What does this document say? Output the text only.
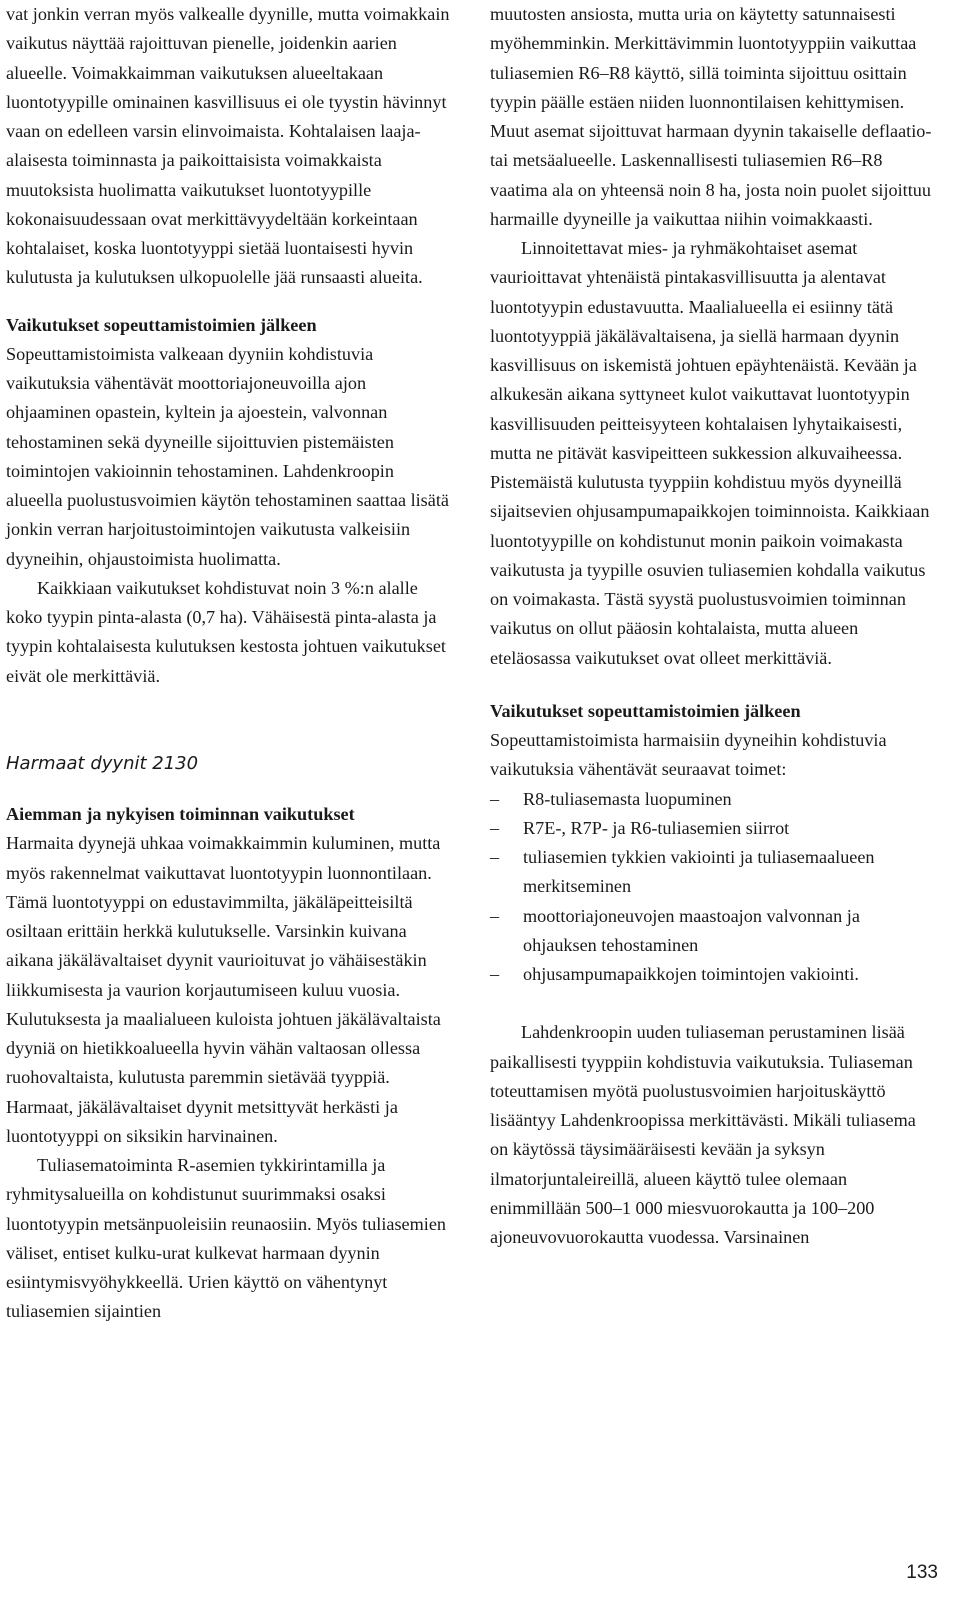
vat jonkin verran myös valkealle dyynille, mutta voimakkain vaikutus näyttää rajoittuvan pienelle, joidenkin aarien alueelle. Voimakkaimman vaikutuksen alueeltakaan luontotyypille ominainen kasvillisuus ei ole tyystin hävinnyt vaan on edelleen varsin elinvoimaista. Kohtalaisen laaja-alaisesta toiminnasta ja paikoittaisista voimakkaista muutoksista huolimatta vaikutukset luontotyypille kokonaisuudessaan ovat merkittävyydeltään korkeintaan kohtalaiset, koska luontotyyppi sietää luontaisesti hyvin kulutusta ja kulutuksen ulkopuolelle jää runsaasti alueita.

Vaikutukset sopeuttamistoimien jälkeen

Sopeuttamistoimista valkeaan dyyniin kohdistuvia vaikutuksia vähentävät moottoriajoneuvoilla ajon ohjaaminen opastein, kyltein ja ajoestein, valvonnan tehostaminen sekä dyyneille sijoittuvien pistemäisten toimintojen vakioinnin tehostaminen. Lahdenkroopin alueella puolustusvoimien käytön tehostaminen saattaa lisätä jonkin verran harjoitustoimintojen vaikutusta valkeisiin dyyneihin, ohjaustoimista huolimatta.

Kaikkiaan vaikutukset kohdistuvat noin 3 %:n alalle koko tyypin pinta-alasta (0,7 ha). Vähäisestä pinta-alasta ja tyypin kohtalaisesta kulutuksen kestosta johtuen vaikutukset eivät ole merkittäviä.

Harmaat dyynit 2130

Aiemman ja nykyisen toiminnan vaikutukset

Harmaita dyynejä uhkaa voimakkaimmin kuluminen, mutta myös rakennelmat vaikuttavat luontotyypin luonnontilaan. Tämä luontotyyppi on edustavimmilta, jäkäläpeitteisiltä osiltaan erittäin herkkä kulutukselle. Varsinkin kuivana aikana jäkälävaltaiset dyynit vaurioituvat jo vähäisestäkin liikkumisesta ja vaurion korjautumiseen kuluu vuosia. Kulutuksesta ja maalialueen kuloista johtuen jäkälävaltaista dyyniä on hietikkoalueella hyvin vähän valtaosan ollessa ruohovaltaista, kulutusta paremmin sietävää tyyppiä. Harmaat, jäkälävaltaiset dyynit metsittyvät herkästi ja luontotyyppi on siksikin harvinainen.

Tuliasematoiminta R-asemien tykkirintamilla ja ryhmitysalueilla on kohdistunut suurimmaksi osaksi luontotyypin metsänpuoleisiin reunaosiin. Myös tuliasemien väliset, entiset kulku-urat kulkevat harmaan dyynin esiintymisvyöhykkeellä. Urien käyttö on vähentynyt tuliasemien sijaintien

muutosten ansiosta, mutta uria on käytetty satunnaisesti myöhemminkin. Merkittävimmin luontotyyppiin vaikuttaa tuliasemien R6–R8 käyttö, sillä toiminta sijoittuu osittain tyypin päälle estäen niiden luonnontilaisen kehittymisen. Muut asemat sijoittuvat harmaan dyynin takaiselle deflaatio- tai metsäalueelle. Laskennallisesti tuliasemien R6–R8 vaatima ala on yhteensä noin 8 ha, josta noin puolet sijoittuu harmaille dyyneille ja vaikuttaa niihin voimakkaasti.

Linnoitettavat mies- ja ryhmäkohtaiset asemat vaurioittavat yhtenäistä pintakasvillisuutta ja alentavat luontotyypin edustavuutta. Maalialueella ei esiinny tätä luontotyyppiä jäkälävaltaisena, ja siellä harmaan dyynin kasvillisuus on iskemistä johtuen epäyhtenäistä. Kevään ja alkukesän aikana syttyneet kulot vaikuttavat luontotyypin kasvillisuuden peitteisyyteen kohtalaisen lyhytaikaisesti, mutta ne pitävät kasvipeitteen sukkession alkuvaiheessa. Pistemäistä kulutusta tyyppiin kohdistuu myös dyyneillä sijaitsevien ohjusampumapaikkojen toiminnoista. Kaikkiaan luontotyypille on kohdistunut monin paikoin voimakasta vaikutusta ja tyypille osuvien tuliasemien kohdalla vaikutus on voimakasta. Tästä syystä puolustusvoimien toiminnan vaikutus on ollut pääosin kohtalaista, mutta alueen eteläosassa vaikutukset ovat olleet merkittäviä.

Vaikutukset sopeuttamistoimien jälkeen

Sopeuttamistoimista harmaisiin dyyneihin kohdistuvia vaikutuksia vähentävät seuraavat toimet:

– R8-tuliasemasta luopuminen
– R7E-, R7P- ja R6-tuliasemien siirrot
– tuliasemien tykkien vakiointi ja tuliasemaalueen merkitseminen
– moottoriajoneuvojen maastoajon valvonnan ja ohjauksen tehostaminen
– ohjusampumapaikkojen toimintojen vakiointi.

Lahdenkroopin uuden tuliaseman perustaminen lisää paikallisesti tyyppiin kohdistuvia vaikutuksia. Tuliaseman toteuttamisen myötä puolustusvoimien harjoituskäyttö lisääntyy Lahdenkroopissa merkittävästi. Mikäli tuliasema on käytössä täysimääräisesti kevään ja syksyn ilmatorjuntaleireillä, alueen käyttö tulee olemaan enimmillään 500–1 000 miesvuorokautta ja 100–200 ajoneuvovuorokautta vuodessa. Varsinainen

133
